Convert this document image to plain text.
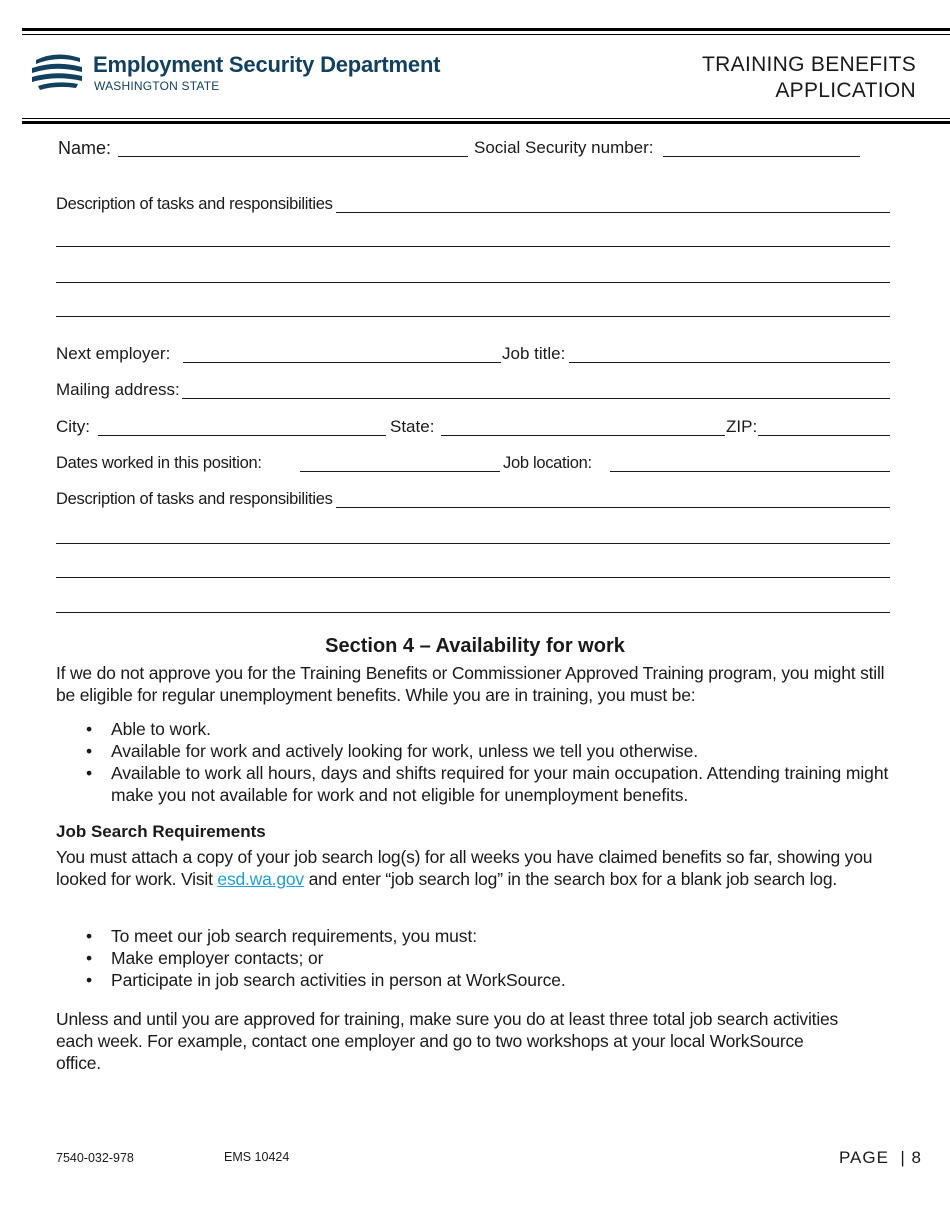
Employment Security Department
WASHINGTON STATE
TRAINING BENEFITS
APPLICATION
Name:	Social Security number:
Description of tasks and responsibilities
Next employer:	Job title:
Mailing address:
City:	State:	ZIP:
Dates worked in this position:	Job location:
Description of tasks and responsibilities
Section 4 – Availability for work
If we do not approve you for the Training Benefits or Commissioner Approved Training program, you might still be eligible for regular unemployment benefits. While you are in training, you must be:
• Able to work.
• Available for work and actively looking for work, unless we tell you otherwise.
• Available to work all hours, days and shifts required for your main occupation. Attending training might make you not available for work and not eligible for unemployment benefits.
Job Search Requirements
You must attach a copy of your job search log(s) for all weeks you have claimed benefits so far, showing you looked for work. Visit esd.wa.gov and enter “job search log” in the search box for a blank job search log.
• To meet our job search requirements, you must:
• Make employer contacts; or
• Participate in job search activities in person at WorkSource.
Unless and until you are approved for training, make sure you do at least three total job search activities each week. For example, contact one employer and go to two workshops at your local WorkSource office.
7540-032-978	EMS 10424	PAGE  | 8
